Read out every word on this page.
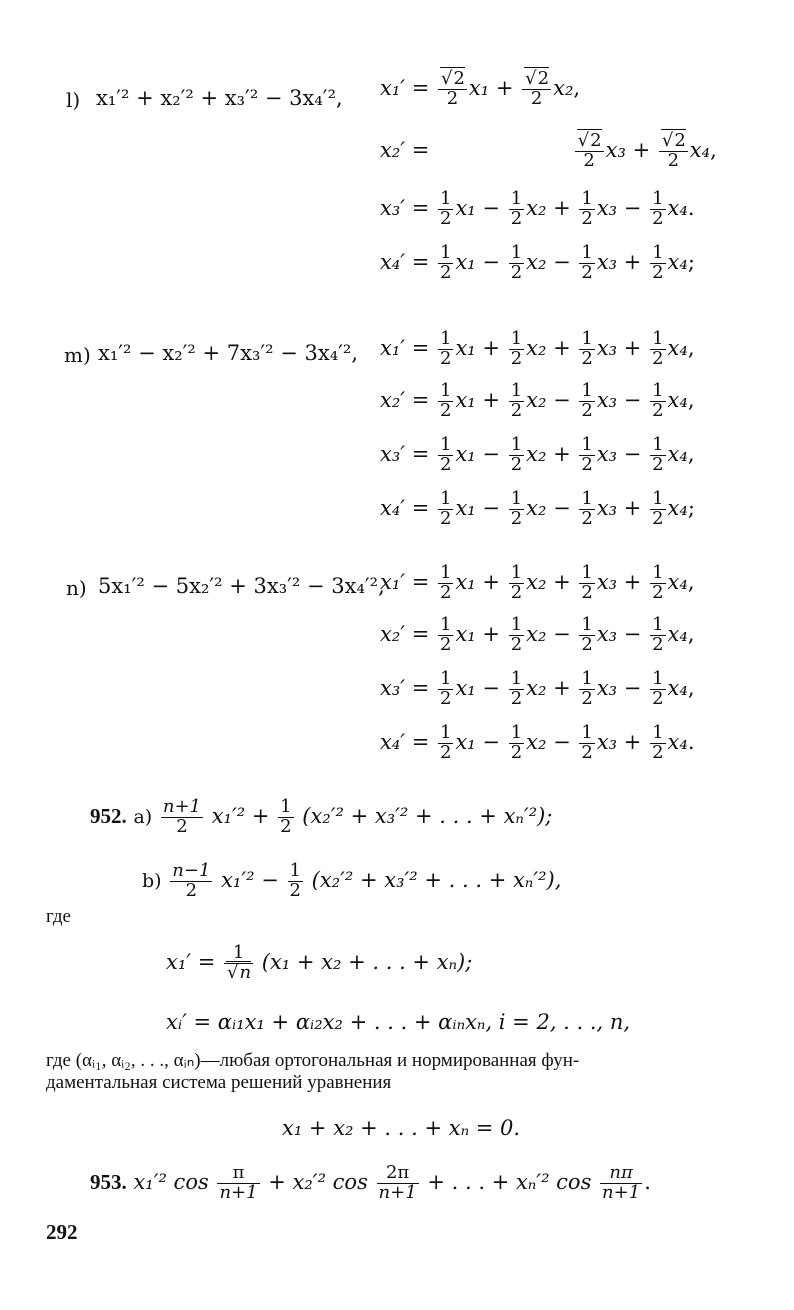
l) x₁′² + x₂′² + x₃′² − 3x₄′², x₁′ = √ $\frac{2}{2} x_1$ + √ $\frac{2}{2} x_2$,
x₂′ =	√ $\frac{2}{2} x_3$ + √ $\frac{2}{2} x_4$,
$x_3' = \frac{1}{2} x_1 - \frac{1}{2} x_2 + \frac{1}{2} x_3 - \frac{1}{2} x_4$.
$x_4' = \frac{1}{2} x_1 - \frac{1}{2} x_2 - \frac{1}{2} x_3 + \frac{1}{2} x_4$;
m) x₁′² − x₂′² + 7x₃′² − 3x₄′², $x_1' = \frac{1}{2} x_1 + \frac{1}{2} x_2 + \frac{1}{2} x_3 + \frac{1}{2} x_4$,
$x_2' = \frac{1}{2} x_1 + \frac{1}{2} x_2 - \frac{1}{2} x_3 - \frac{1}{2} x_4$,
$x_3' = \frac{1}{2} x_1 - \frac{1}{2} x_2 + \frac{1}{2} x_3 - \frac{1}{2} x_4$,
$x_4' = \frac{1}{2} x_1 - \frac{1}{2} x_2 - \frac{1}{2} x_3 + \frac{1}{2} x_4$;
n) 5x₁′² − 5x₂′² + 3x₃′² − 3x₄′²,
$x_1' = \frac{1}{2} x_1 + \frac{1}{2} x_2 + \frac{1}{2} x_3 + \frac{1}{2} x_4$,
$x_2' = \frac{1}{2} x_1 + \frac{1}{2} x_2 - \frac{1}{2} x_3 - \frac{1}{2} x_4$,
$x_3' = \frac{1}{2} x_1 - \frac{1}{2} x_2 + \frac{1}{2} x_3 - \frac{1}{2} x_4$,
$x_4' = \frac{1}{2} x_1 - \frac{1}{2} x_2 - \frac{1}{2} x_3 + \frac{1}{2} x_4$.
952. $a) \frac{n+1}{2} x_1'^2 + \frac{1}{2} (x_2'^2 + x_3'^2$ + . . . + xₙ′²);
$b) \frac{n-1}{2} x_1'^2 - \frac{1}{2} (x_2'^2 + x_3'^2$ + . . . + xₙ′²),
где
x₁′ = 1
√ n (x₁ + x₂ + . . . + xₙ);
xᵢ′ = αᵢ₁x₁ + αᵢ₂x₂ + . . . + αᵢₙxₙ, i = 2, . . ., n,
где (αᵢ₁, αᵢ₂, . . ., αᵢₙ)—любая ортогональная и нормированная фун-
даментальная система решений уравнения
x₁ + x₂ + . . . + xₙ = 0.
953. x₁′² $\cos \frac{\pi}{n+1} + x_2'^2$ $\cos \frac{2\pi}{n+1}$ + . . . + xₙ′² $\cos \frac{n\pi}{n+1}$ .
292
